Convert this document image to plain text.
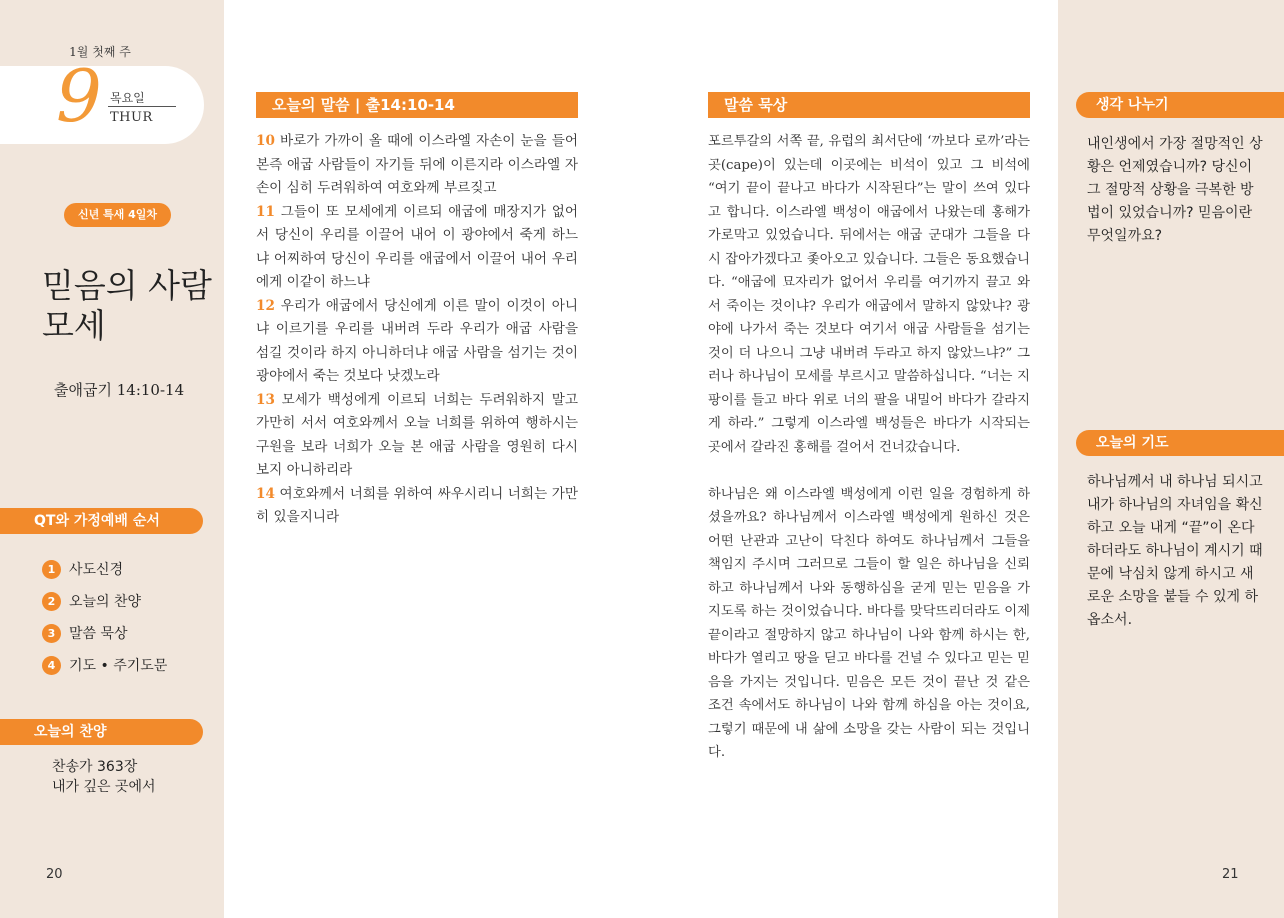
1월 첫째 주
9 목요일
THUR
신년 특새 4일차
믿음의 사람
모세
출애굽기 14:10-14
QT와 가정예배 순서
1 사도신경
2 오늘의 찬양
3 말씀 묵상
4 기도 • 주기도문
오늘의 찬양
찬송가 363장
내가 깊은 곳에서
20
오늘의 말씀 | 출14:10-14
10 바로가 가까이 올 때에 이스라엘 자손이 눈을 들어 본즉 애굽 사람들이 자기들 뒤에 이른지라 이스라엘 자손이 심히 두려워하여 여호와께 부르짖고
11 그들이 또 모세에게 이르되 애굽에 매장지가 없어서 당신이 우리를 이끌어 내어 이 광야에서 죽게 하느냐 어찌하여 당신이 우리를 애굽에서 이끌어 내어 우리에게 이같이 하느냐
12 우리가 애굽에서 당신에게 이른 말이 이것이 아니냐 이르기를 우리를 내버려 두라 우리가 애굽 사람을 섬길 것이라 하지 아니하더냐 애굽 사람을 섬기는 것이 광야에서 죽는 것보다 낫겠노라
13 모세가 백성에게 이르되 너희는 두려워하지 말고 가만히 서서 여호와께서 오늘 너희를 위하여 행하시는 구원을 보라 너희가 오늘 본 애굽 사람을 영원히 다시 보지 아니하리라
14 여호와께서 너희를 위하여 싸우시리니 너희는 가만히 있을지니라
말씀 묵상

포르투갈의 서쪽 끝, 유럽의 최서단에 ‘까보다 로까’라는 곳(cape)이 있는데 이곳에는 비석이 있고 그 비석에 “여기 끝이 끝나고 바다가 시작된다”는 말이 쓰여 있다고 합니다. 이스라엘 백성이 애굽에서 나왔는데 홍해가 가로막고 있었습니다. 뒤에서는 애굽 군대가 그들을 다시 잡아가겠다고 좇아오고 있습니다. 그들은 동요했습니다. “애굽에 묘자리가 없어서 우리를 여기까지 끌고 와서 죽이는 것이냐? 우리가 애굽에서 말하지 않았냐? 광야에 나가서 죽는 것보다 여기서 애굽 사람들을 섬기는 것이 더 나으니 그냥 내버려 두라고 하지 않았느냐?” 그러나 하나님이 모세를 부르시고 말씀하십니다. “너는 지팡이를 들고 바다 위로 너의 팔을 내밀어 바다가 갈라지게 하라.” 그렇게 이스라엘 백성들은 바다가 시작되는 곳에서 갈라진 홍해를 걸어서 건너갔습니다.

하나님은 왜 이스라엘 백성에게 이런 일을 경험하게 하셨을까요? 하나님께서 이스라엘 백성에게 원하신 것은 어떤 난관과 고난이 닥친다 하여도 하나님께서 그들을 책임지 주시며 그러므로 그들이 할 일은 하나님을 신뢰하고 하나님께서 나와 동행하심을 굳게 믿는 믿음을 가지도록 하는 것이었습니다. 바다를 맞닥뜨리더라도 이제 끝이라고 절망하지 않고 하나님이 나와 함께 하시는 한, 바다가 열리고 땅을 딛고 바다를 건널 수 있다고 믿는 믿음을 가지는 것입니다. 믿음은 모든 것이 끝난 것 같은 조건 속에서도 하나님이 나와 함께 하심을 아는 것이요, 그렇기 때문에 내 삶에 소망을 갖는 사람이 되는 것입니다.

생각 나누기
내인생에서 가장 절망적인 상황은 언제였습니까? 당신이 그 절망적 상황을 극복한 방법이 있었습니까? 믿음이란 무엇일까요?
오늘의 기도
하나님께서 내 하나님 되시고 내가 하나님의 자녀임을 확신하고 오늘 내게 “끝”이 온다하더라도 하나님이 계시기 때문에 낙심치 않게 하시고 새로운 소망을 붙들 수 있게 하옵소서.
21
